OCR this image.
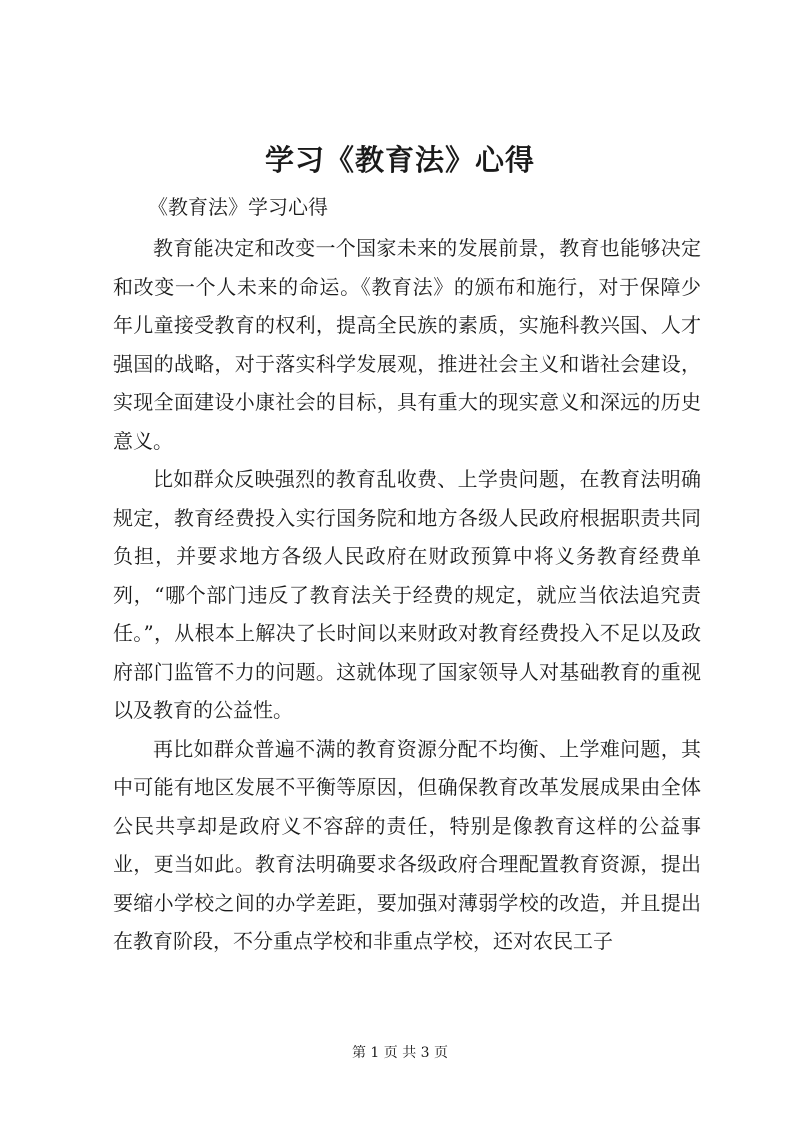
学习《教育法》心得

《教育法》学习心得

教育能决定和改变一个国家未来的发展前景，教育也能够决定和改变一个人未来的命运。《教育法》的颁布和施行，对于保障少年儿童接受教育的权利，提高全民族的素质，实施科教兴国、人才强国的战略，对于落实科学发展观，推进社会主义和谐社会建设，实现全面建设小康社会的目标，具有重大的现实意义和深远的历史意义。

比如群众反映强烈的教育乱收费、上学贵问题，在教育法明确规定，教育经费投入实行国务院和地方各级人民政府根据职责共同负担，并要求地方各级人民政府在财政预算中将义务教育经费单列，“哪个部门违反了教育法关于经费的规定，就应当依法追究责任。”，从根本上解决了长时间以来财政对教育经费投入不足以及政府部门监管不力的问题。这就体现了国家领导人对基础教育的重视以及教育的公益性。

再比如群众普遍不满的教育资源分配不均衡、上学难问题，其中可能有地区发展不平衡等原因，但确保教育改革发展成果由全体公民共享却是政府义不容辞的责任，特别是像教育这样的公益事业，更当如此。教育法明确要求各级政府合理配置教育资源，提出要缩小学校之间的办学差距，要加强对薄弱学校的改造，并且提出在教育阶段，不分重点学校和非重点学校，还对农民工子

第 1 页 共 3 页
